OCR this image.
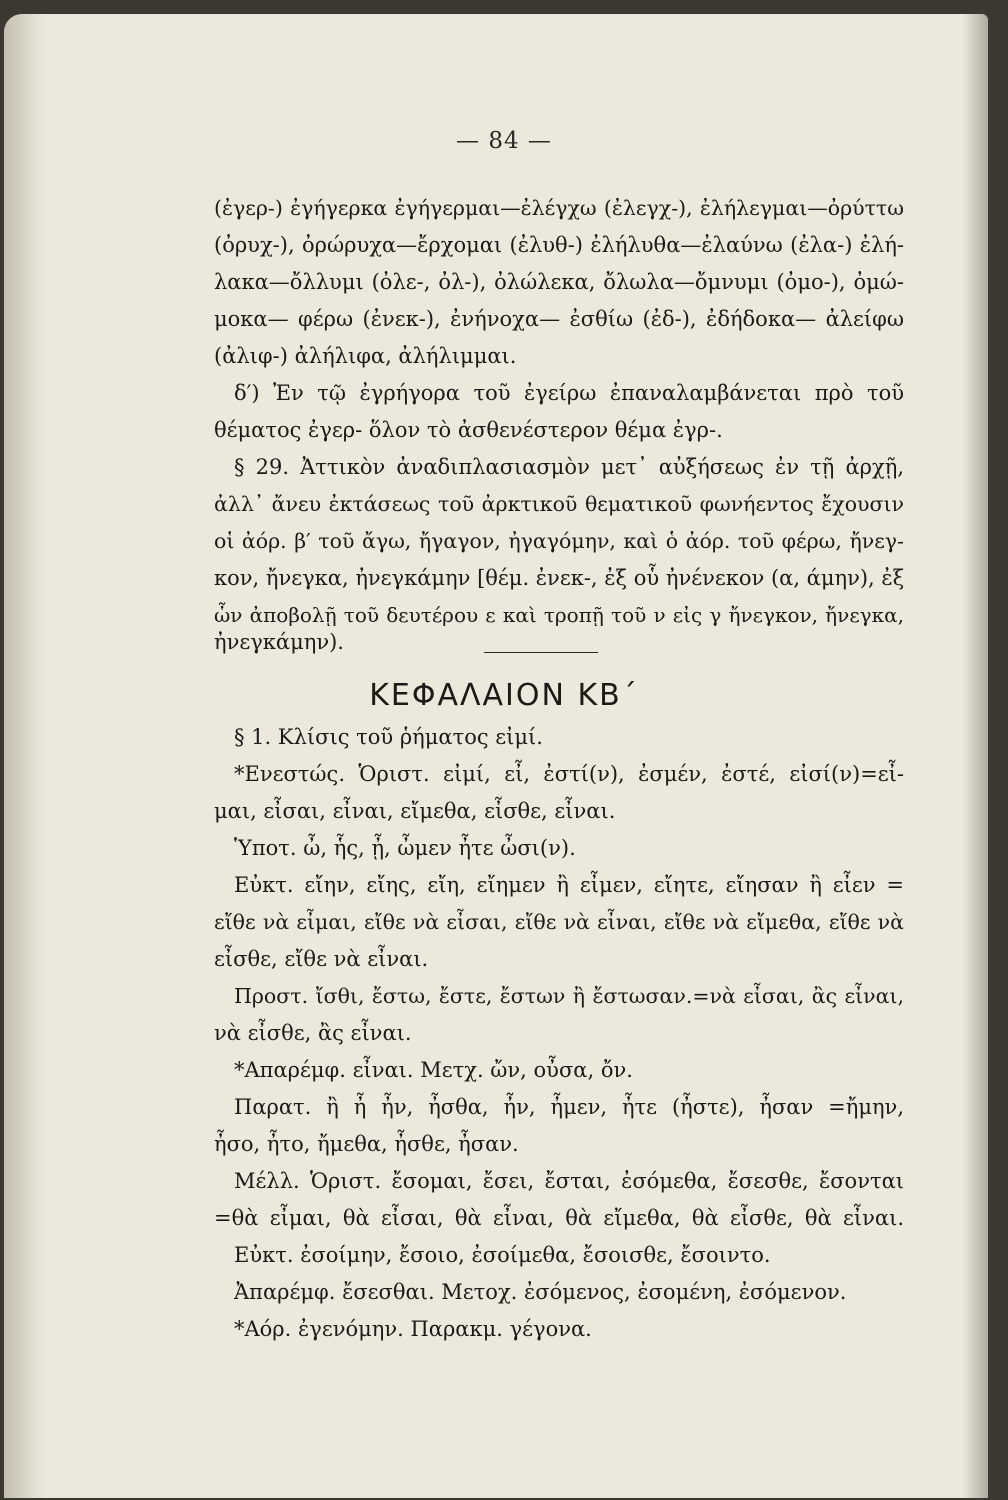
— 84 —
(ἐγερ-) ἐγήγερκα ἐγήγερμαι—ἐλέγχω (ἐλεγχ-), ἐλήλεγμαι—ὀρύττω
(ὀρυχ-), ὀρώρυχα—ἔρχομαι (ἐλυθ-) ἐλήλυθα—ἐλαύνω (ἐλα-) ἐλή-
λακα—ὄλλυμι (ὀλε-, ὀλ-), ὀλώλεκα, ὄλωλα—ὄμνυμι (ὀμο-), ὀμώ-
μοκα— φέρω (ἐνεκ-), ἐνήνοχα— ἐσθίω (ἐδ-), ἐδήδοκα— ἀλείφω
(ἀλιφ-) ἀλήλιφα, ἀλήλιμμαι.
δ′) Ἐν τῷ ἐγρήγορα τοῦ ἐγείρω ἐπαναλαμβάνεται πρὸ τοῦ
θέματος ἐγερ- ὅλον τὸ ἀσθενέστερον θέμα ἐγρ-.
§ 29. Ἀττικὸν ἀναδιπλασιασμὸν μετ᾽ αὐξήσεως ἐν τῇ ἀρχῇ,
ἀλλ᾽ ἄνευ ἐκτάσεως τοῦ ἀρκτικοῦ θεματικοῦ φωνήεντος ἔχουσιν
οἱ ἀόρ. β′ τοῦ ἄγω, ἤγαγον, ἠγαγόμην, καὶ ὁ ἀόρ. τοῦ φέρω, ἤνεγ-
κον, ἤνεγκα, ἠνεγκάμην [θέμ. ἐνεκ-, ἐξ οὗ ἠνένεκον (α, άμην), ἐξ
ὧν ἀποβολῇ τοῦ δευτέρου ε καὶ τροπῇ τοῦ ν εἰς γ ἤνεγκον, ἤνεγκα,
ἠνεγκάμην).
ΚΕΦΑΛΑΙΟΝ ΚΒ΄
§ 1. Κλίσις τοῦ ῥήματος εἰμί.
*Ενεστώς. Ὁριστ. εἰμί, εἶ, ἐστί(ν), ἐσμέν, ἐστέ, εἰσί(ν)=εἶ-
μαι, εἶσαι, εἶναι, εἴμεθα, εἶσθε, εἶναι.
Ὑποτ. ὦ, ἧς, ᾖ, ὦμεν ἦτε ὦσι(ν).
Εὐκτ. εἴην, εἴης, εἴη, εἴημεν ἢ εἶμεν, εἴητε, εἴησαν ἢ εἶεν =
εἴθε νὰ εἶμαι, εἴθε νὰ εἶσαι, εἴθε νὰ εἶναι, εἴθε νὰ εἴμεθα, εἴθε νὰ
εἶσθε, εἴθε νὰ εἶναι.
Προστ. ἴσθι, ἔστω, ἔστε, ἔστων ἢ ἔστωσαν.=νὰ εἶσαι, ἂς εἶναι,
νὰ εἶσθε, ἂς εἶναι.
*Απαρέμφ. εἶναι. Μετχ. ὤν, οὖσα, ὄν.
Παρατ. ἢ ἦ ἦν, ἦσθα, ἦν, ἦμεν, ἦτε (ἦστε), ἦσαν =ἤμην,
ἦσο, ἦτο, ἤμεθα, ἦσθε, ἦσαν.
Μέλλ. Ὁριστ. ἔσομαι, ἔσει, ἔσται, ἐσόμεθα, ἔσεσθε, ἔσονται
=θὰ εἶμαι, θὰ εἶσαι, θὰ εἶναι, θὰ εἴμεθα, θὰ εἶσθε, θὰ εἶναι.
Εὐκτ. ἐσοίμην, ἔσοιο, ἐσοίμεθα, ἔσοισθε, ἔσοιντο.
Ἀπαρέμφ. ἔσεσθαι. Μετοχ. ἐσόμενος, ἐσομένη, ἐσόμενον.
*Αόρ. ἐγενόμην. Παρακμ. γέγονα.
